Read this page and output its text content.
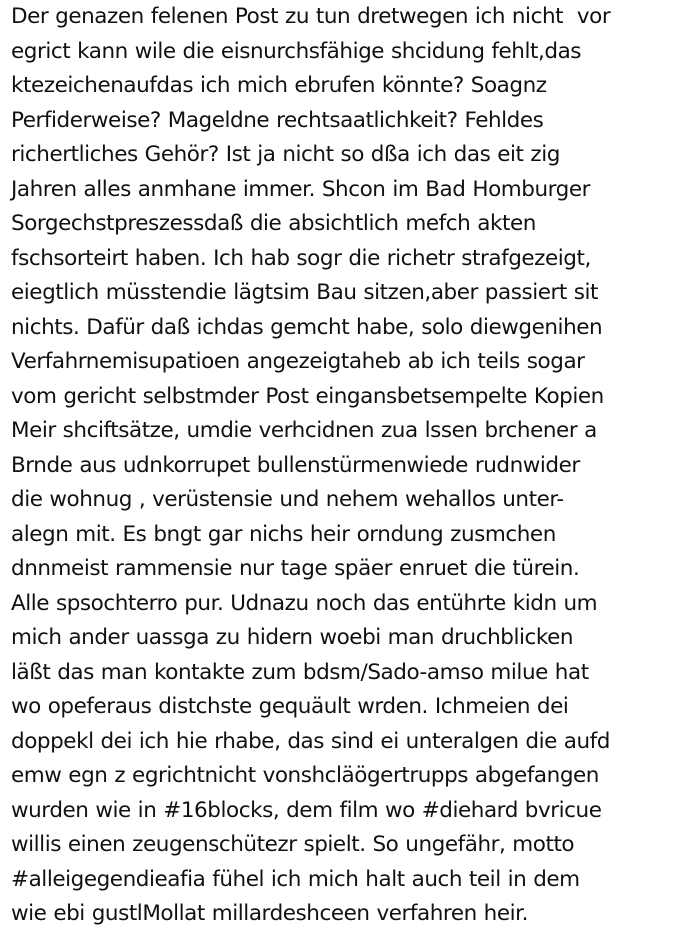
Der genazen felenen Post zu tun dretwegen ich nicht  vor
egrict kann wile die eisnurchsfähigе shcidung fehlt,das
ktezeichenaufdas ich mich ebrufen könnte? Soagnz
Perfiderweise? Mageldne rechtsaatlichkeit? Fehldes
richertliches Gehör? Ist ja nicht so dßa ich das eit zig
Jahren alles anmhane immer. Shcon im Bad Homburger
Sorgechstpreszessdaß die absichtlich mefch akten
fschsorteirt haben. Ich hab sogr die richetr strafgezeigt,
eiegtlich müsstendie lägtsim Bau sitzen,aber passiert sit
nichts. Dafür daß ichdas gemcht habe, solo diewgenihen
Verfahrnemisupatioen angezeigtaheb ab ich teils sogar
vom gericht selbstmder Post eingansbetsempelte Kopien
Meir shciftsätze, umdie verhcidnen zua lssen brchener a
Brnde aus udnkorrupet bullenstürmenwiede rudnwider
die wohnug , verüstensie und nehem wehallos unter-
alegn mit. Es bngt gar nichs heir orndung zusmchen
dnnmeist rammensie nur tage späer enruet die türein.
Alle spsochterro pur. Udnazu noch das entührte kidn um
mich ander uassga zu hidern woebi man druchblicken
läßt das man kontakte zum bdsm/Sado-amso milue hat
wo opeferaus distchste gequäult wrden. Ichmeien dei
doppekl dei ich hie rhabe, das sind ei unteralgen die aufd
emw egn z egrichtnicht vonshcläögertrupps abgefangen
wurden wie in #16blocks, dem film wo #diehard bvricue
willis einen zeugenschütezr spielt. So ungefähr, motto
#alleigegendieafia fühel ich mich halt auch teil in dem
wie ebi gustlMollat millardeshceen verfahren heir.
